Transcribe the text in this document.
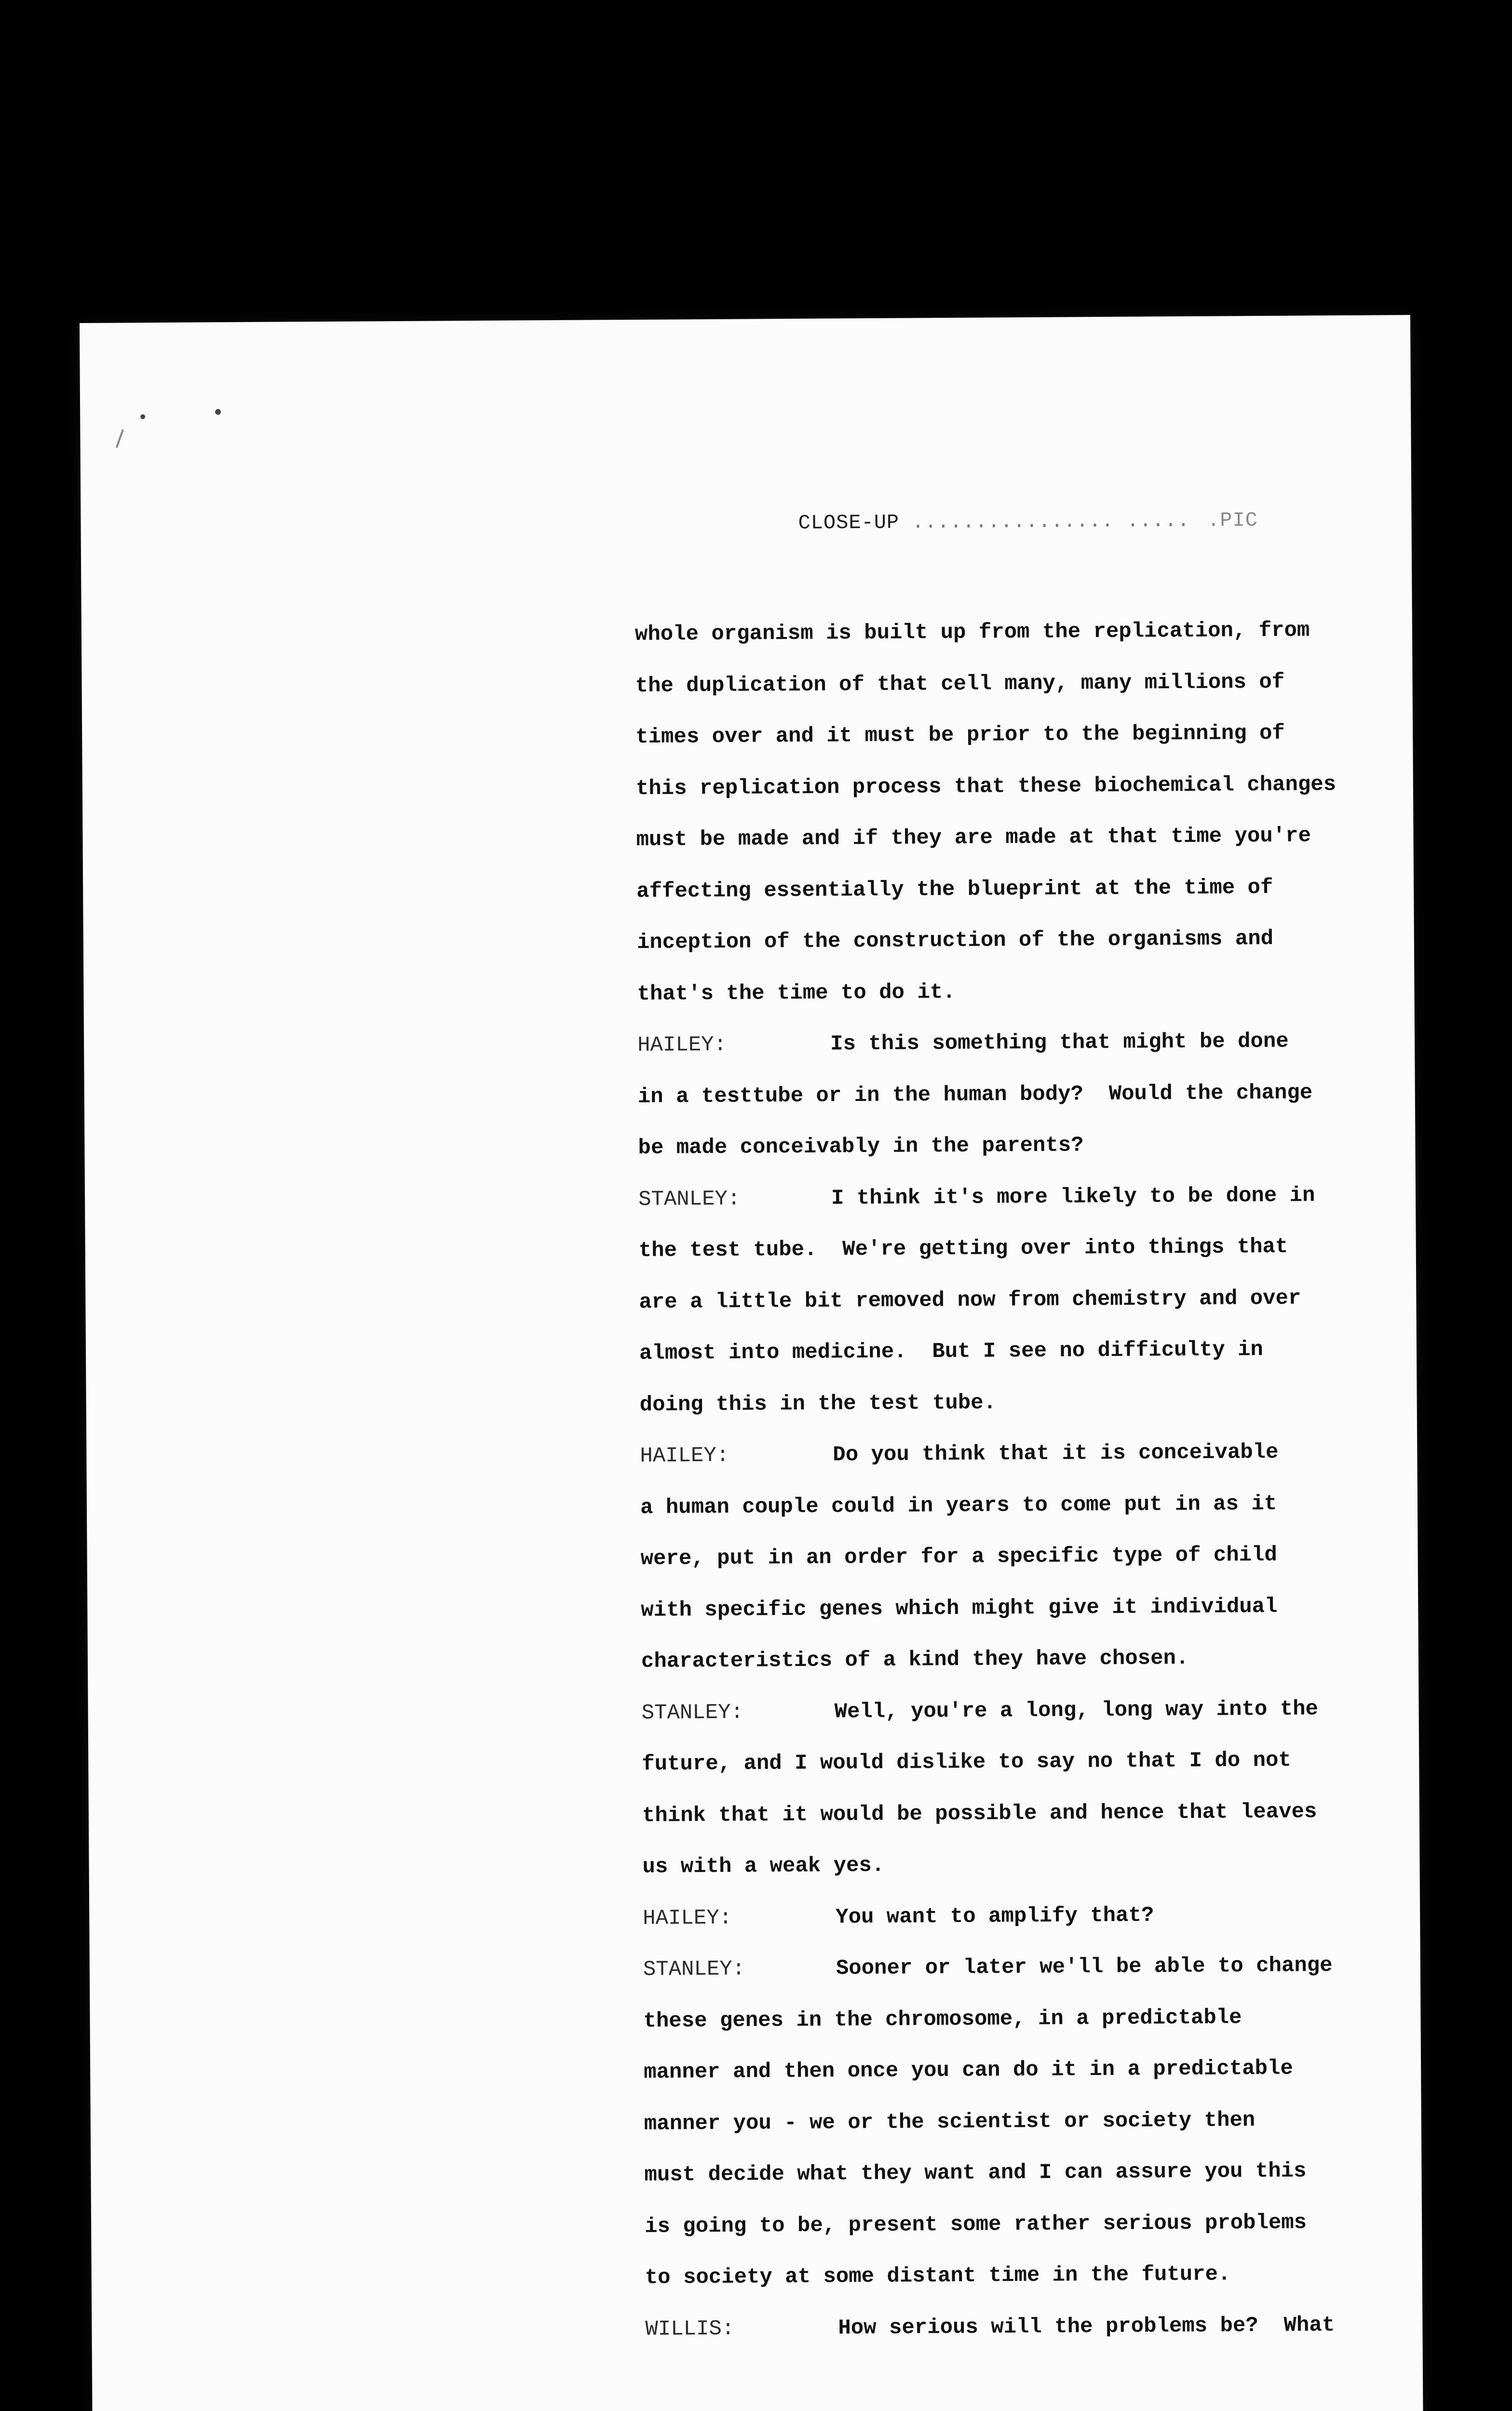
CLOSE-UP ................ ..... .PIC
whole organism is built up from the replication, from
the duplication of that cell many, many millions of
times over and it must be prior to the beginning of
this replication process that these biochemical changes
must be made and if they are made at that time you're
affecting essentially the blueprint at the time of
inception of the construction of the organisms and
that's the time to do it.
HAILEY:	Is this something that might be done
in a testtube or in the human body?  Would the change
be made conceivably in the parents?
STANLEY:	I think it's more likely to be done in
the test tube.  We're getting over into things that
are a little bit removed now from chemistry and over
almost into medicine.  But I see no difficulty in
doing this in the test tube.
HAILEY:	Do you think that it is conceivable
a human couple could in years to come put in as it
were, put in an order for a specific type of child
with specific genes which might give it individual
characteristics of a kind they have chosen.
STANLEY:	Well, you're a long, long way into the
future, and I would dislike to say no that I do not
think that it would be possible and hence that leaves
us with a weak yes.
HAILEY:	You want to amplify that?
STANLEY:	Sooner or later we'll be able to change
these genes in the chromosome, in a predictable
manner and then once you can do it in a predictable
manner you - we or the scientist or society then
must decide what they want and I can assure you this
is going to be, present some rather serious problems
to society at some distant time in the future.
WILLIS:	How serious will the problems be?  What
